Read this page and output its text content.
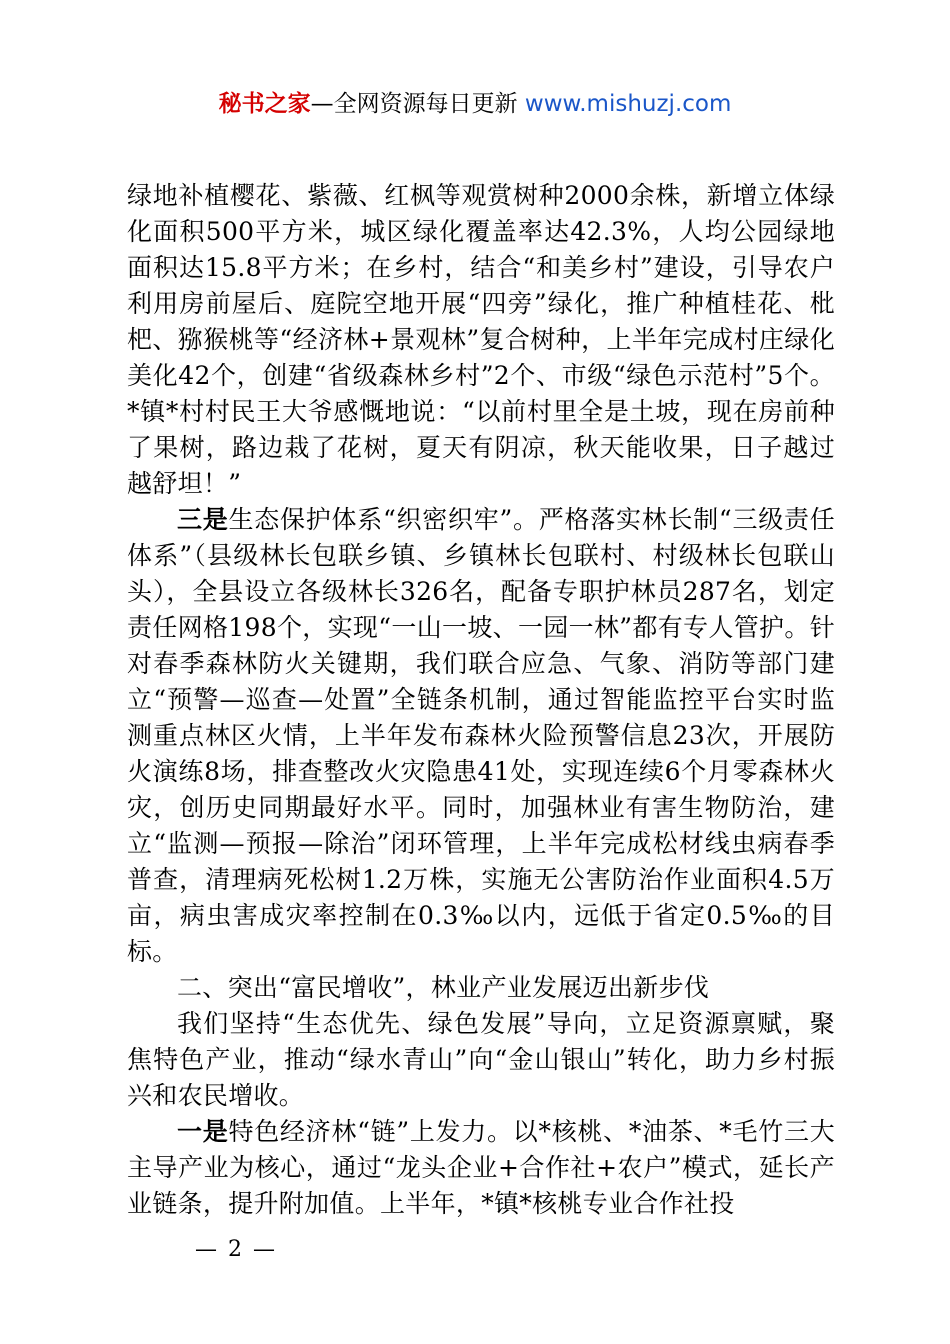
秘书之家—全网资源每日更新 www.mishuzj.com

绿地补植樱花、紫薇、红枫等观赏树种2000余株，新增立体绿化面积500平方米，城区绿化覆盖率达42.3%，人均公园绿地面积达15.8平方米；在乡村，结合“和美乡村”建设，引导农户利用房前屋后、庭院空地开展“四旁”绿化，推广种植桂花、枇杷、猕猴桃等“经济林+景观林”复合树种，上半年完成村庄绿化美化42个，创建“省级森林乡村”2个、市级“绿色示范村”5个。*镇*村村民王大爷感慨地说：“以前村里全是土坡，现在房前种了果树，路边栽了花树，夏天有阴凉，秋天能收果，日子越过越舒坦！”

三是生态保护体系“织密织牢”。严格落实林长制“三级责任体系”（县级林长包联乡镇、乡镇林长包联村、村级林长包联山头），全县设立各级林长326名，配备专职护林员287名，划定责任网格198个，实现“一山一坡、一园一林”都有专人管护。针对春季森林防火关键期，我们联合应急、气象、消防等部门建立“预警—巡查—处置”全链条机制，通过智能监控平台实时监测重点林区火情，上半年发布森林火险预警信息23次，开展防火演练8场，排查整改火灾隐患41处，实现连续6个月零森林火灾，创历史同期最好水平。同时，加强林业有害生物防治，建立“监测—预报—除治”闭环管理，上半年完成松材线虫病春季普查，清理病死松树1.2万株，实施无公害防治作业面积4.5万亩，病虫害成灾率控制在0.3‰以内，远低于省定0.5‰的目标。

二、突出“富民增收”，林业产业发展迈出新步伐

我们坚持“生态优先、绿色发展”导向，立足资源禀赋，聚焦特色产业，推动“绿水青山”向“金山银山”转化，助力乡村振兴和农民增收。

一是特色经济林“链”上发力。以*核桃、*油茶、*毛竹三大主导产业为核心，通过“龙头企业+合作社+农户”模式，延长产业链条，提升附加值。上半年，*镇*核桃专业合作社投

— 2 —
